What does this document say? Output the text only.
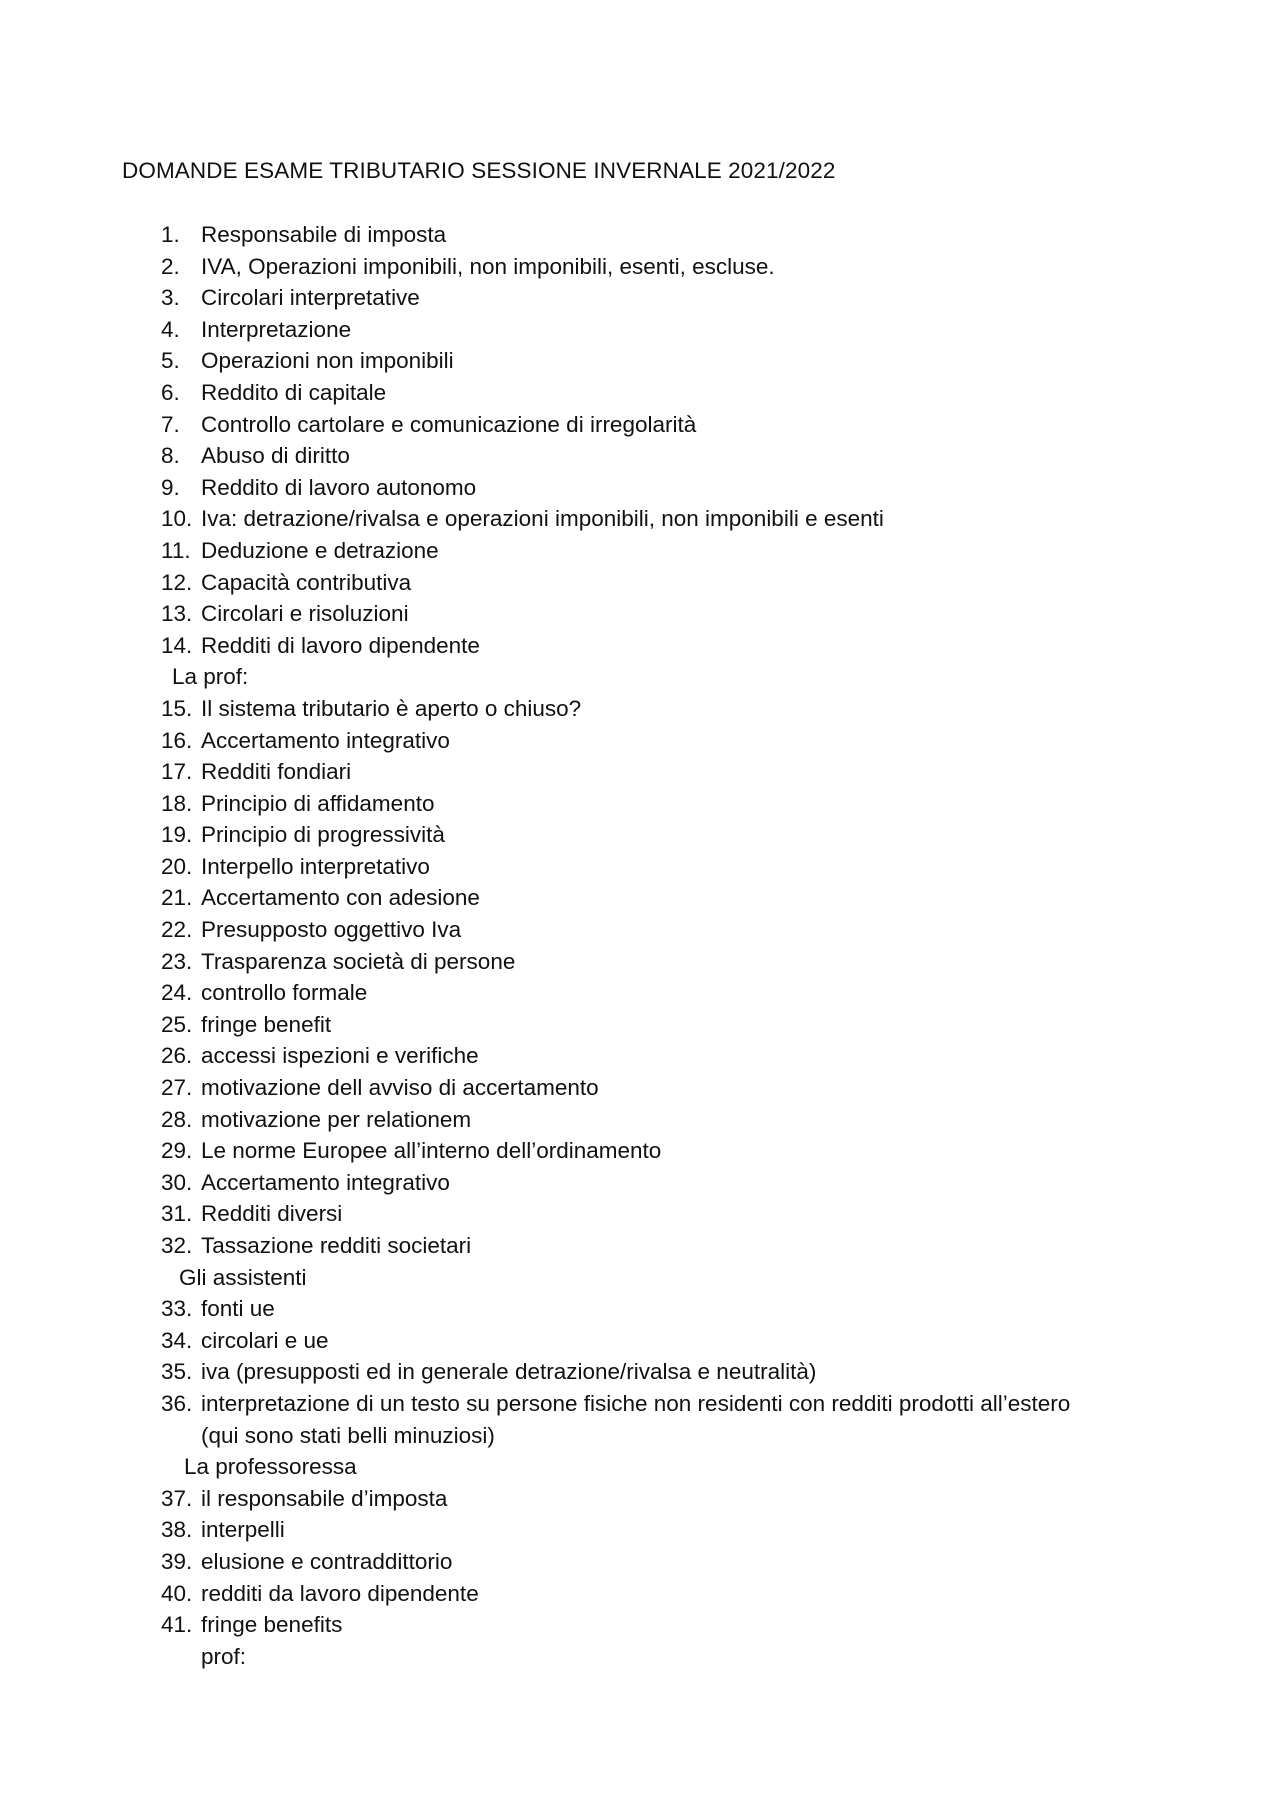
DOMANDE ESAME TRIBUTARIO SESSIONE INVERNALE 2021/2022
1. Responsabile di imposta
2. IVA, Operazioni imponibili, non imponibili, esenti, escluse.
3. Circolari interpretative
4. Interpretazione
5. Operazioni non imponibili
6. Reddito di capitale
7. Controllo cartolare e comunicazione di irregolarità
8. Abuso di diritto
9. Reddito di lavoro autonomo
10. Iva: detrazione/rivalsa e operazioni imponibili, non imponibili e esenti
11. Deduzione e detrazione
12. Capacità contributiva
13. Circolari e risoluzioni
14. Redditi di lavoro dipendente
La prof:
15. Il sistema tributario è aperto o chiuso?
16. Accertamento integrativo
17. Redditi fondiari
18. Principio di affidamento
19. Principio di progressività
20. Interpello interpretativo
21. Accertamento con adesione
22. Presupposto oggettivo Iva
23. Trasparenza società di persone
24. controllo formale
25. fringe benefit
26. accessi ispezioni e verifiche
27. motivazione dell avviso di accertamento
28. motivazione per relationem
29. Le norme Europee all’interno dell’ordinamento
30. Accertamento integrativo
31. Redditi diversi
32. Tassazione redditi societari
Gli assistenti
33. fonti ue
34. circolari e ue
35. iva (presupposti ed in generale detrazione/rivalsa e neutralità)
36. interpretazione di un testo su persone fisiche non residenti con redditi prodotti all’estero
(qui sono stati belli minuziosi)
La professoressa
37. il responsabile d’imposta
38. interpelli
39. elusione e contraddittorio
40. redditi da lavoro dipendente
41. fringe benefits
prof:
